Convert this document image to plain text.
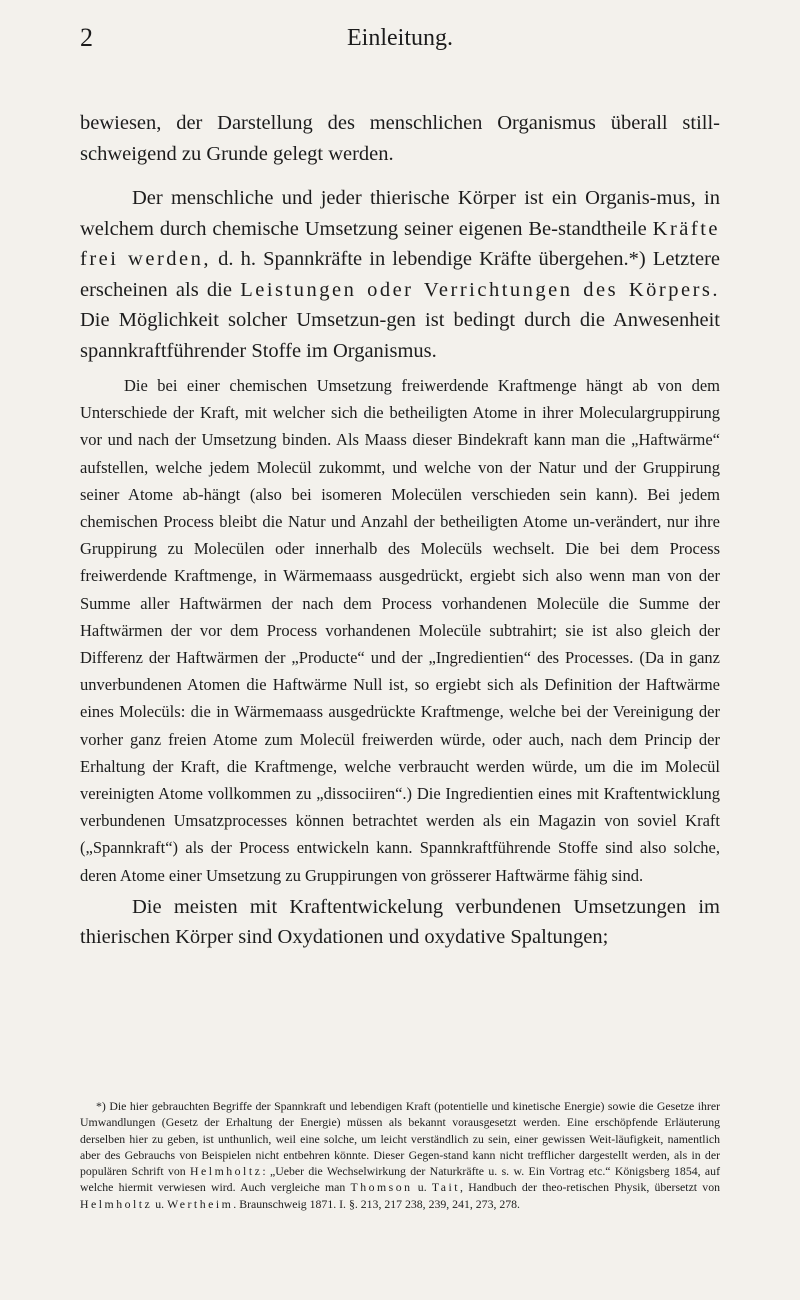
2	Einleitung.

bewiesen, der Darstellung des menschlichen Organismus überall still-schweigend zu Grunde gelegt werden.

Der menschliche und jeder thierische Körper ist ein Organis-mus, in welchem durch chemische Umsetzung seiner eigenen Be-standtheile Kräfte frei werden, d. h. Spannkräfte in lebendige Kräfte übergehen.*) Letztere erscheinen als die Leistungen oder Verrichtungen des Körpers. Die Möglichkeit solcher Umsetzun-gen ist bedingt durch die Anwesenheit spannkraftführender Stoffe im Organismus.

Die bei einer chemischen Umsetzung freiwerdende Kraftmenge hängt ab von dem Unterschiede der Kraft, mit welcher sich die betheiligten Atome in ihrer Moleculargruppirung vor und nach der Umsetzung binden. Als Maass dieser Bindekraft kann man die „Haftwärme“ aufstellen, welche jedem Molecül zukommt, und welche von der Natur und der Gruppirung seiner Atome ab-hängt (also bei isomeren Molecülen verschieden sein kann). Bei jedem chemischen Process bleibt die Natur und Anzahl der betheiligten Atome un-verändert, nur ihre Gruppirung zu Molecülen oder innerhalb des Molecüls wechselt. Die bei dem Process freiwerdende Kraftmenge, in Wärmemaass ausgedrückt, ergiebt sich also wenn man von der Summe aller Haftwärmen der nach dem Process vorhandenen Molecüle die Summe der Haftwärmen der vor dem Process vorhandenen Molecüle subtrahirt; sie ist also gleich der Differenz der Haftwärmen der „Producte“ und der „Ingredientien“ des Processes. (Da in ganz unverbundenen Atomen die Haftwärme Null ist, so ergiebt sich als Definition der Haftwärme eines Molecüls: die in Wärmemaass ausgedrückte Kraftmenge, welche bei der Vereinigung der vorher ganz freien Atome zum Molecül freiwerden würde, oder auch, nach dem Princip der Erhaltung der Kraft, die Kraftmenge, welche verbraucht werden würde, um die im Molecül vereinigten Atome vollkommen zu „dissociiren“.) Die Ingredientien eines mit Kraftentwicklung verbundenen Umsatzprocesses können betrachtet werden als ein Magazin von soviel Kraft („Spannkraft“) als der Process entwickeln kann. Spannkraftführende Stoffe sind also solche, deren Atome einer Umsetzung zu Gruppirungen von grösserer Haftwärme fähig sind.

Die meisten mit Kraftentwickelung verbundenen Umsetzungen im thierischen Körper sind Oxydationen und oxydative Spaltungen;

*) Die hier gebrauchten Begriffe der Spannkraft und lebendigen Kraft (potentielle und kinetische Energie) sowie die Gesetze ihrer Umwandlungen (Gesetz der Erhaltung der Energie) müssen als bekannt vorausgesetzt werden. Eine erschöpfende Erläuterung derselben hier zu geben, ist unthunlich, weil eine solche, um leicht verständlich zu sein, einer gewissen Weit-läufigkeit, namentlich aber des Gebrauchs von Beispielen nicht entbehren könnte. Dieser Gegen-stand kann nicht trefflicher dargestellt werden, als in der populären Schrift von Helmholtz: „Ueber die Wechselwirkung der Naturkräfte u. s. w. Ein Vortrag etc.“ Königsberg 1854, auf welche hiermit verwiesen wird. Auch vergleiche man Thomson u. Tait, Handbuch der theo-retischen Physik, übersetzt von Helmholtz u. Wertheim. Braunschweig 1871. I. §. 213, 217 238, 239, 241, 273, 278.
